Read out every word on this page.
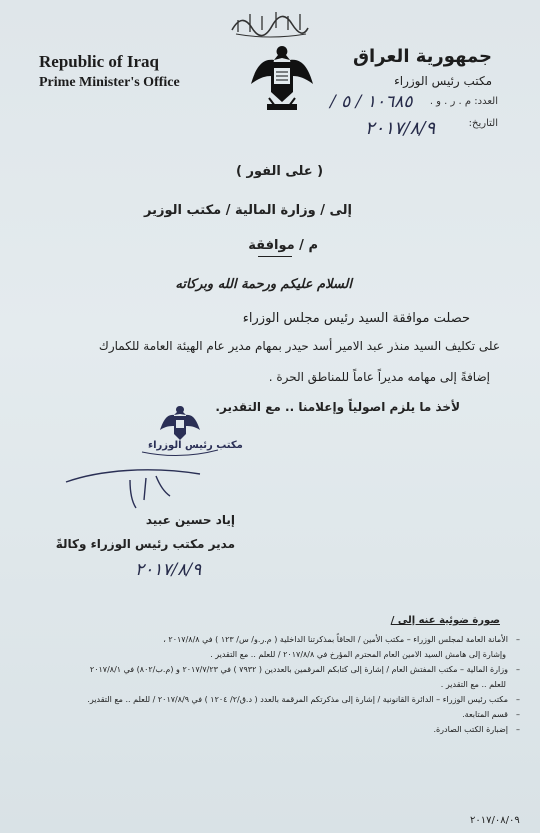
Republic of Iraq
Prime Minister's Office
جمهورية العراق
مكتب رئيس الوزراء
العدد: م . ر . و .
التاريخ:
١٠٦٨٥ / ٥ /
٢٠١٧/٨/٩
( على الفور )
إلى / وزارة المالية / مكتب الوزير
م / موافقة
السلام عليكم ورحمة الله وبركاته
حصلت موافقة السيد رئيس مجلس الوزراء
على تكليف السيد منذر عبد الامير أسد حيدر بمهام مدير عام الهيئة العامة للكمارك
إضافةً إلى مهامه مديراً عاماً للمناطق الحرة .
لأخذ ما يلزم اصولياً وإعلامنا .. مع التقدير.
مكتب رئيس الوزراء
إياد حسين عبيد
مدير مكتب رئيس الوزراء وكالةً
٢٠١٧/٨/٩
صورة ضوئية عنه إلى /
– الأمانة العامة لمجلس الوزراء – مكتب الأمين / الحاقاً بمذكرتنا الداخلية ( م.ر.و/ س/ ١٢٣ ) في ٢٠١٧/٨/٨ ،
وإشارة إلى هامش السيد الامين العام المحترم المؤرخ في ٢٠١٧/٨/٨ / للعلم .. مع التقدير .
– وزارة المالية – مكتب المفتش العام / إشارة إلى كتابكم المرقمين بالعددين ( ٧٩٣٢ ) في ٢٠١٧/٧/٢٣ و (م.ب/٨٠٢) في ٢٠١٧/٨/١
للعلم .. مع التقدير .
– مكتب رئيس الوزراء – الدائرة القانونية / إشارة إلى مذكرتكم المرقمة بالعدد ( د.ق/٢/ ١٢٠٤ ) في ٢٠١٧/٨/٩ / للعلم .. مع التقدير.
– قسم المتابعة.
– إضبارة الكتب الصادرة.
٢٠١٧/٠٨/٠٩
